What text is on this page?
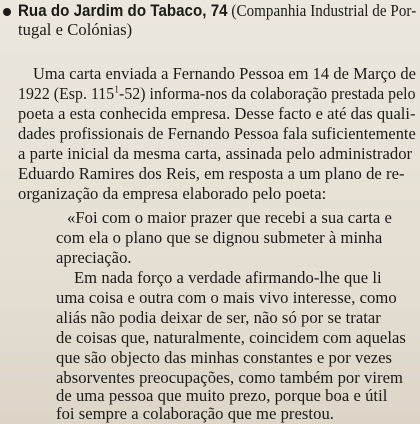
Rua do Jardim do Tabaco, 74 (Companhia Industrial de Por-
tugal e Colónias)
Uma carta enviada a Fernando Pessoa em 14 de Março de
1922 (Esp. $115^1-52$) informa-nos da colaboração prestada pelo
poeta a esta conhecida empresa. Desse facto e até das quali-
dades profissionais de Fernando Pessoa fala suficientemente
a parte inicial da mesma carta, assinada pelo administrador
Eduardo Ramires dos Reis, em resposta a um plano de re-
organização da empresa elaborado pelo poeta:
«Foi com o maior prazer que recebi a sua carta e
com ela o plano que se dignou submeter à minha
apreciação.
Em nada forço a verdade afirmando-lhe que li
uma coisa e outra com o mais vivo interesse, como
aliás não podia deixar de ser, não só por se tratar
de coisas que, naturalmente, coincidem com aquelas
que são objecto das minhas constantes e por vezes
absorventes preocupações, como também por virem
de uma pessoa que muito prezo, porque boa e útil
foi sempre a colaboração que me prestou.
